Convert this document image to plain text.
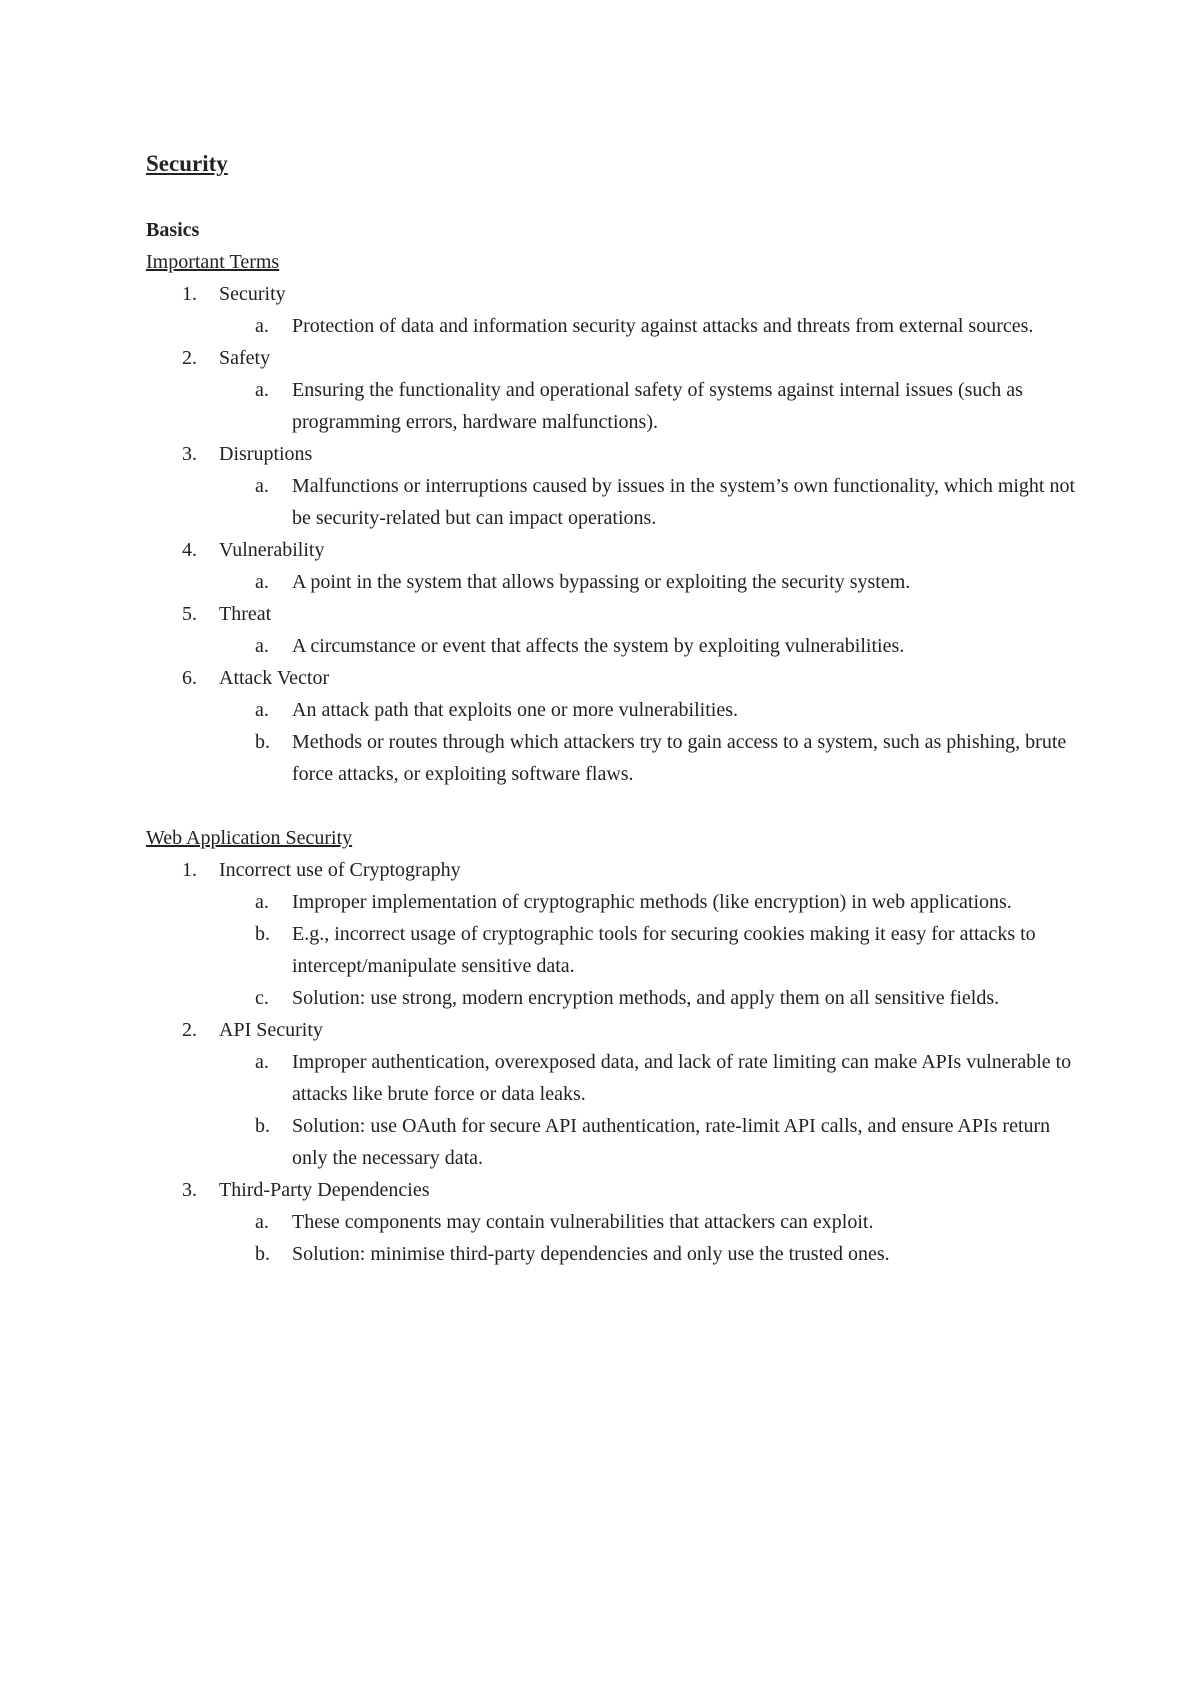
Security
Basics
Important Terms
1.	Security
a.	Protection of data and information security against attacks and threats from external sources.
2.	Safety
a.	Ensuring the functionality and operational safety of systems against internal issues (such as programming errors, hardware malfunctions).
3.	Disruptions
a.	Malfunctions or interruptions caused by issues in the system’s own functionality, which might not be security-related but can impact operations.
4.	Vulnerability
a.	A point in the system that allows bypassing or exploiting the security system.
5.	Threat
a.	A circumstance or event that affects the system by exploiting vulnerabilities.
6.	Attack Vector
a.	An attack path that exploits one or more vulnerabilities.
b.	Methods or routes through which attackers try to gain access to a system, such as phishing, brute force attacks, or exploiting software flaws.
Web Application Security
1.	Incorrect use of Cryptography
a.	Improper implementation of cryptographic methods (like encryption) in web applications.
b.	E.g., incorrect usage of cryptographic tools for securing cookies making it easy for attacks to intercept/manipulate sensitive data.
c.	Solution: use strong, modern encryption methods, and apply them on all sensitive fields.
2.	API Security
a.	Improper authentication, overexposed data, and lack of rate limiting can make APIs vulnerable to attacks like brute force or data leaks.
b.	Solution: use OAuth for secure API authentication, rate-limit API calls, and ensure APIs return only the necessary data.
3.	Third-Party Dependencies
a.	These components may contain vulnerabilities that attackers can exploit.
b.	Solution: minimise third-party dependencies and only use the trusted ones.
